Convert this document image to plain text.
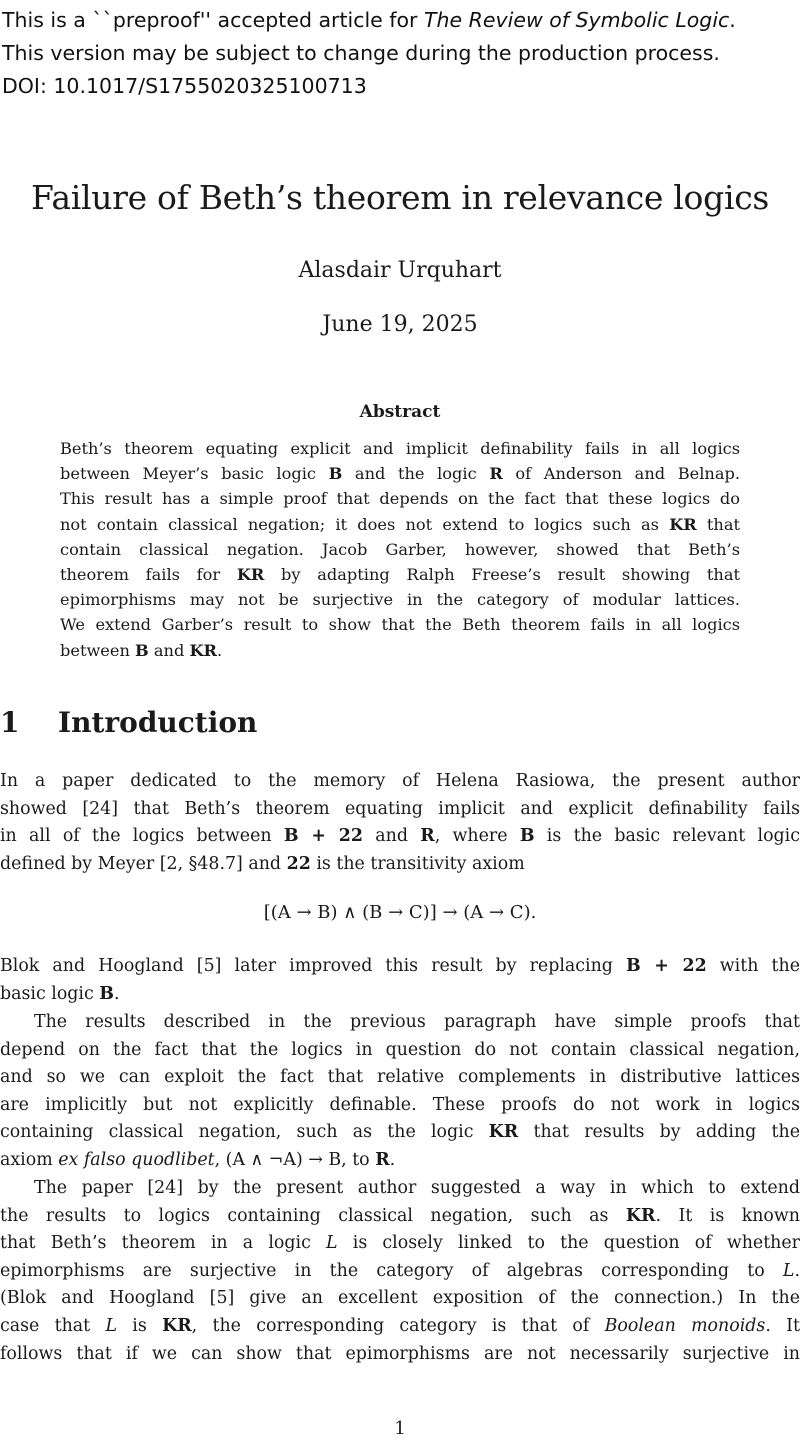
This is a ``preproof'' accepted article for The Review of Symbolic Logic.
This version may be subject to change during the production process.
DOI: 10.1017/S1755020325100713
Failure of Beth’s theorem in relevance logics
Alasdair Urquhart
June 19, 2025
Abstract
Beth’s theorem equating explicit and implicit definability fails in all logics
between Meyer’s basic logic B and the logic R of Anderson and Belnap.
This result has a simple proof that depends on the fact that these logics do
not contain classical negation; it does not extend to logics such as KR that
contain classical negation. Jacob Garber, however, showed that Beth’s
theorem fails for KR by adapting Ralph Freese’s result showing that
epimorphisms may not be surjective in the category of modular lattices.
We extend Garber’s result to show that the Beth theorem fails in all logics
between B and KR.
1 Introduction
In a paper dedicated to the memory of Helena Rasiowa, the present author
showed [24] that Beth’s theorem equating implicit and explicit definability fails
in all of the logics between B + 22 and R, where B is the basic relevant logic
defined by Meyer [2, §48.7] and 22 is the transitivity axiom
[(A → B) ∧ (B → C)] → (A → C).
Blok and Hoogland [5] later improved this result by replacing B + 22 with the
basic logic B.
The results described in the previous paragraph have simple proofs that
depend on the fact that the logics in question do not contain classical negation,
and so we can exploit the fact that relative complements in distributive lattices
are implicitly but not explicitly definable. These proofs do not work in logics
containing classical negation, such as the logic KR that results by adding the
axiom ex falso quodlibet, (A ∧ ¬A) → B, to R.
The paper [24] by the present author suggested a way in which to extend
the results to logics containing classical negation, such as KR. It is known
that Beth’s theorem in a logic L is closely linked to the question of whether
epimorphisms are surjective in the category of algebras corresponding to L.
(Blok and Hoogland [5] give an excellent exposition of the connection.) In the
case that L is KR, the corresponding category is that of Boolean monoids. It
follows that if we can show that epimorphisms are not necessarily surjective in
1
